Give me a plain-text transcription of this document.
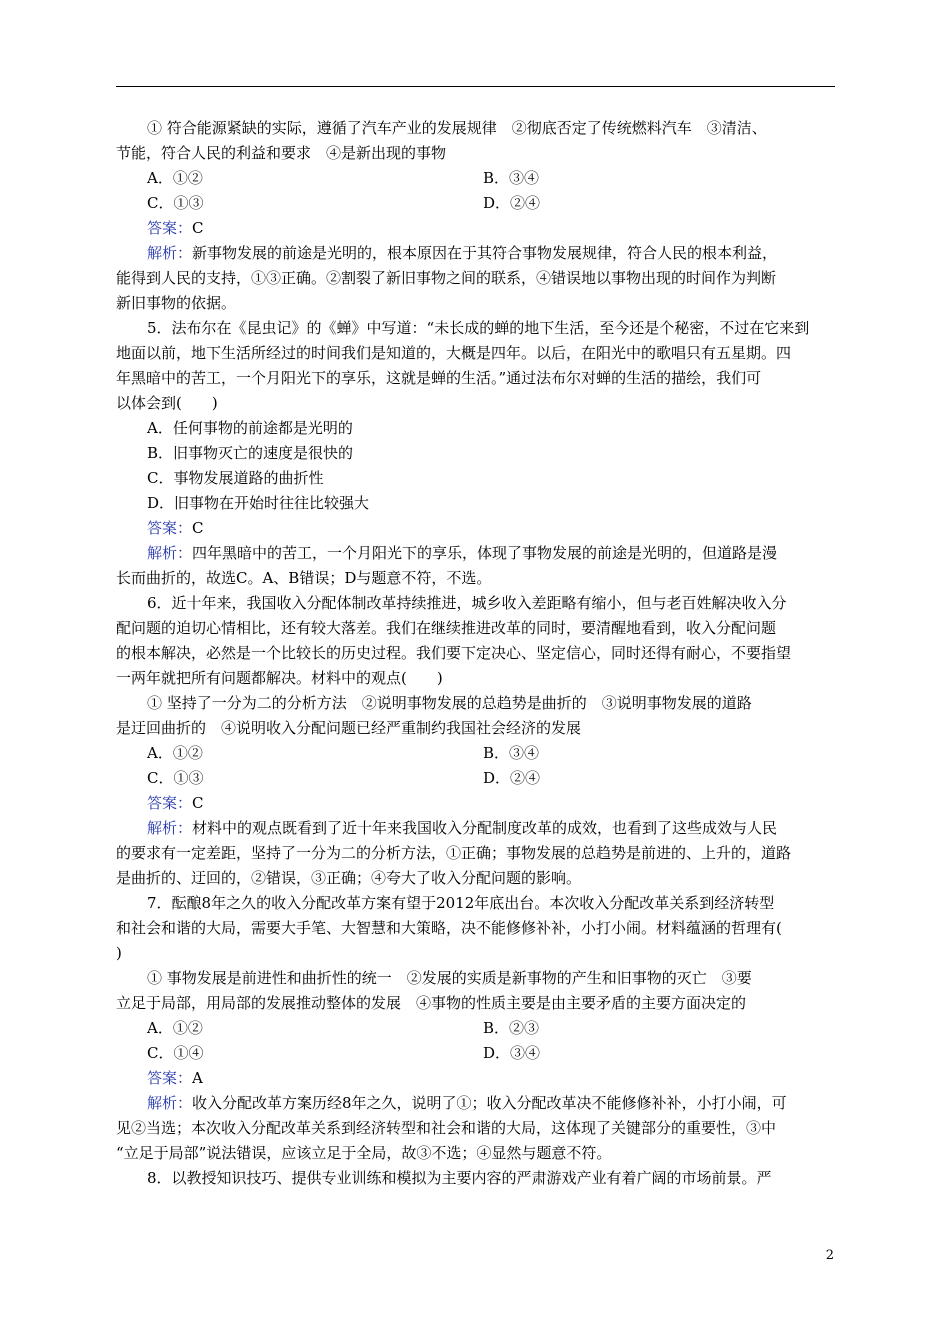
① 符合能源紧缺的实际，遵循了汽车产业的发展规律　②彻底否定了传统燃料汽车　③清洁、
节能，符合人民的利益和要求　④是新出现的事物
A．①②	B．③④
C．①③	D．②④
答案：C
解析：新事物发展的前途是光明的，根本原因在于其符合事物发展规律，符合人民的根本利益，
能得到人民的支持，①③正确。②割裂了新旧事物之间的联系，④错误地以事物出现的时间作为判断
新旧事物的依据。
5．法布尔在《昆虫记》的《蝉》中写道：“未长成的蝉的地下生活，至今还是个秘密，不过在它来到
地面以前，地下生活所经过的时间我们是知道的，大概是四年。以后，在阳光中的歌唱只有五星期。四
年黑暗中的苦工，一个月阳光下的享乐，这就是蝉的生活。”通过法布尔对蝉的生活的描绘，我们可
以体会到(　　)
A．任何事物的前途都是光明的
B．旧事物灭亡的速度是很快的
C．事物发展道路的曲折性
D．旧事物在开始时往往比较强大
答案：C
解析：四年黑暗中的苦工，一个月阳光下的享乐，体现了事物发展的前途是光明的，但道路是漫
长而曲折的，故选C。A、B错误；D与题意不符，不选。
6．近十年来，我国收入分配体制改革持续推进，城乡收入差距略有缩小，但与老百姓解决收入分
配问题的迫切心情相比，还有较大落差。我们在继续推进改革的同时，要清醒地看到，收入分配问题
的根本解决，必然是一个比较长的历史过程。我们要下定决心、坚定信心，同时还得有耐心，不要指望
一两年就把所有问题都解决。材料中的观点(　　)
① 坚持了一分为二的分析方法　②说明事物发展的总趋势是曲折的　③说明事物发展的道路
是迂回曲折的　④说明收入分配问题已经严重制约我国社会经济的发展
A．①②	B．③④
C．①③	D．②④
答案：C
解析：材料中的观点既看到了近十年来我国收入分配制度改革的成效，也看到了这些成效与人民
的要求有一定差距，坚持了一分为二的分析方法，①正确；事物发展的总趋势是前进的、上升的，道路
是曲折的、迂回的，②错误，③正确；④夸大了收入分配问题的影响。
7．酝酿8年之久的收入分配改革方案有望于2012年底出台。本次收入分配改革关系到经济转型
和社会和谐的大局，需要大手笔、大智慧和大策略，决不能修修补补，小打小闹。材料蕴涵的哲理有(
)
① 事物发展是前进性和曲折性的统一　②发展的实质是新事物的产生和旧事物的灭亡　③要
立足于局部，用局部的发展推动整体的发展　④事物的性质主要是由主要矛盾的主要方面决定的
A．①②	B．②③
C．①④	D．③④
答案：A
解析：收入分配改革方案历经8年之久，说明了①；收入分配改革决不能修修补补，小打小闹，可
见②当选；本次收入分配改革关系到经济转型和社会和谐的大局，这体现了关键部分的重要性，③中
“立足于局部”说法错误，应该立足于全局，故③不选；④显然与题意不符。
8．以教授知识技巧、提供专业训练和模拟为主要内容的严肃游戏产业有着广阔的市场前景。严
2
